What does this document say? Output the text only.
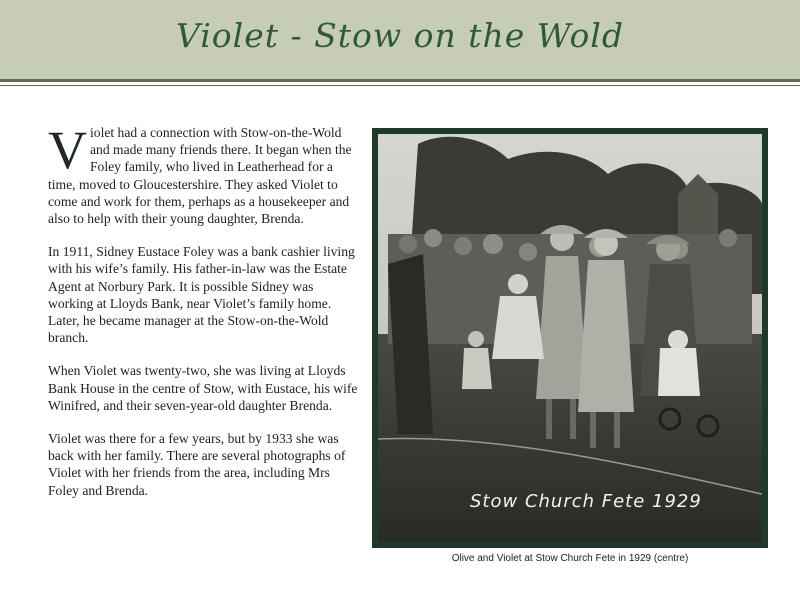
Violet - Stow on the Wold

Violet had a connection with Stow-on-the-Wold and made many friends there. It began when the Foley family, who lived in Leatherhead for a time, moved to Gloucestershire. They asked Violet to come and work for them, perhaps as a housekeeper and also to help with their young daughter, Brenda.

In 1911, Sidney Eustace Foley was a bank cashier living with his wife’s family. His father-in-law was the Estate Agent at Norbury Park. It is possible Sidney was working at Lloyds Bank, near Violet’s family home. Later, he became manager at the Stow-on-the-Wold branch.

When Violet was twenty-two, she was living at Lloyds Bank House in the centre of Stow, with Eustace, his wife Winifred, and their seven-year-old daughter Brenda.

Violet was there for a few years, but by 1933 she was back with her family. There are several photographs of Violet with her friends from the area, including Mrs Foley and Brenda.

Stow Church Fete 1929
Olive and Violet at Stow Church Fete in 1929 (centre)
